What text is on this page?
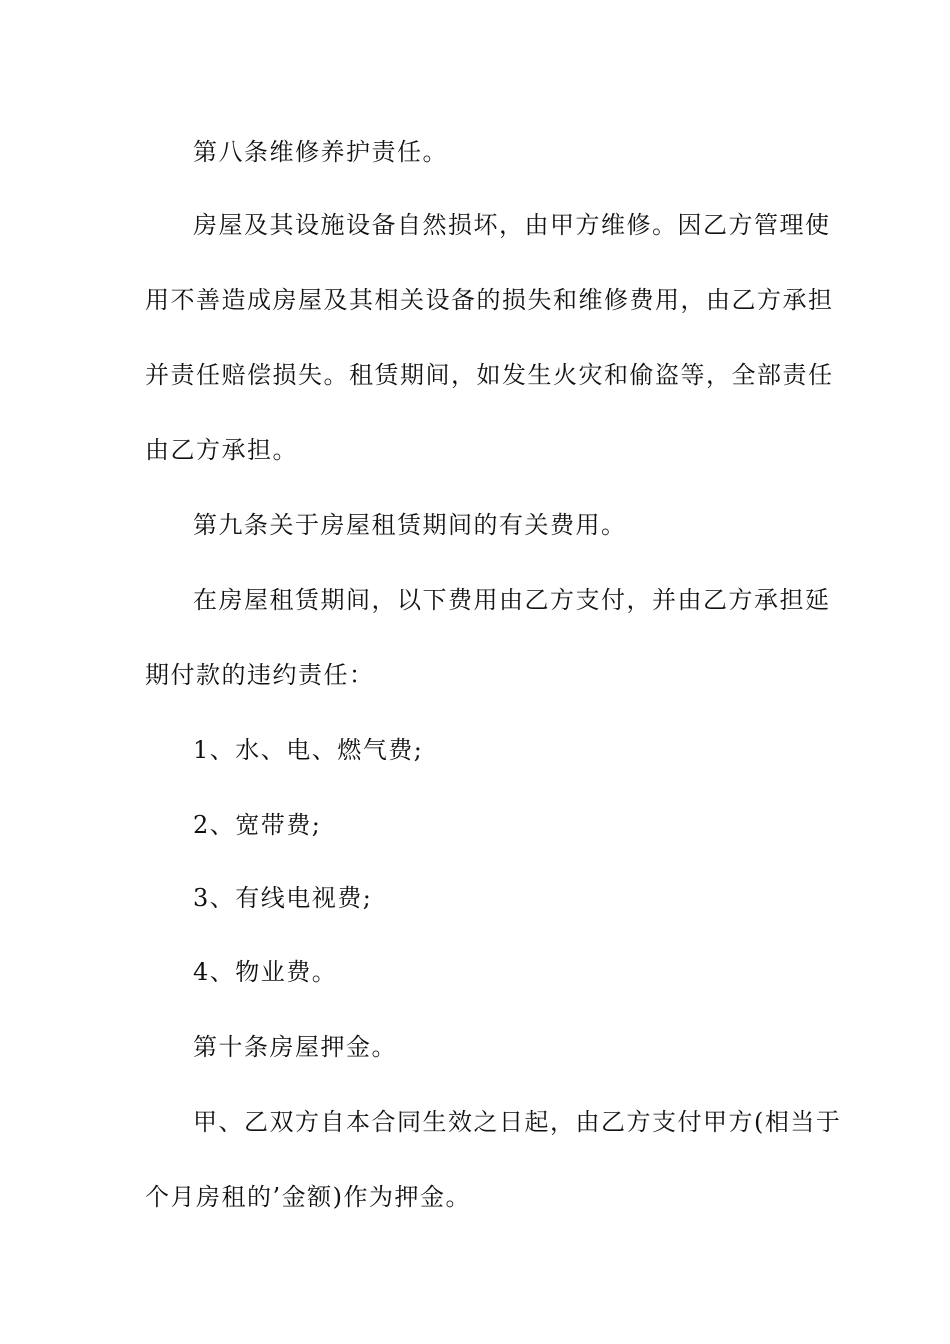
第八条维修养护责任。
房屋及其设施设备自然损坏，由甲方维修。因乙方管理使
用不善造成房屋及其相关设备的损失和维修费用，由乙方承担
并责任赔偿损失。租赁期间，如发生火灾和偷盗等，全部责任
由乙方承担。
第九条关于房屋租赁期间的有关费用。
在房屋租赁期间，以下费用由乙方支付，并由乙方承担延
期付款的违约责任：
1、水、电、燃气费;
2、宽带费;
3、有线电视费;
4、物业费。
第十条房屋押金。
甲、乙双方自本合同生效之日起，由乙方支付甲方(相当于
个月房租的’金额)作为押金。
